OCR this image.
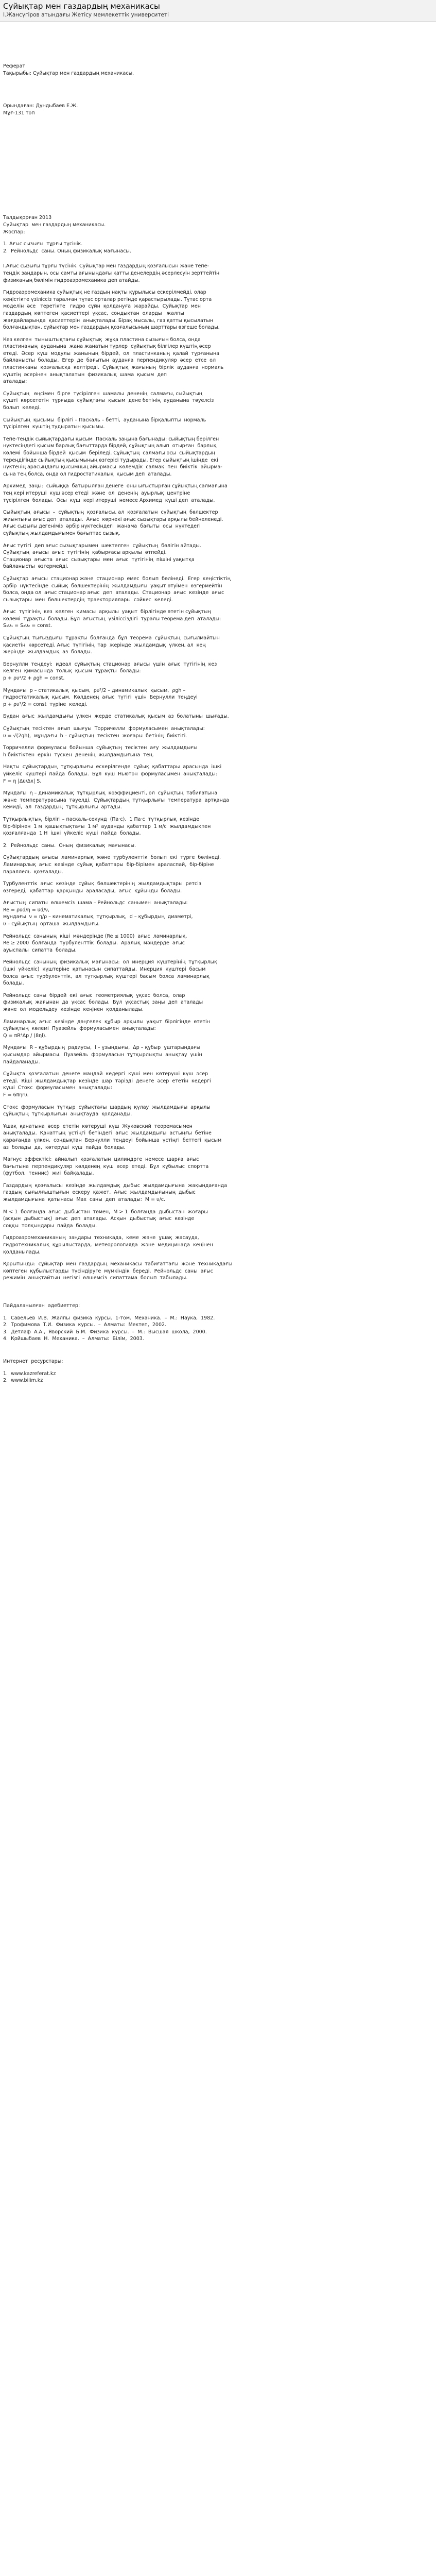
Суйықтар мен газдардың механикасы

І.Жансүгіров атындағы Жетісу мемлекеттік университеті

Реферат
Тақырыбы: Суйықтар мен газдардың механикасы.
Орындаған: Дүндыбаев Е.Ж.
Мұғ-131 топ
Талдықорған 2013
Суйықтар  мен газдардың механикасы.
Жоспар:
1. Ағыс сызығы  тұрғы түсінік.
2.  Рейнольдс  саны. Оның физикалық мағынасы.
І.Ағыс сызығы тұрғы түсінік. Суйықтар мен газдардың қозғалысын жане тепе-
теңдік заңдарын, осы самты ағыныңдағы қатты денелердің әсерлесуін зерттейтін
физиканың бөлімін гидроаэромеханика деп атайды.
Гидроаэромеханика суйықтық не газдың нақты құрылысы ескерілмейді, олар
кеңістікте үзіліссіз таралған тұтас орталар ретінде қарастырылады. Тұтас орта
моделін  әсе   теретікте   гидро  сұйн  қолдануға  жарайды.  Суйықтар  мен
газдардың  көптеген  қасиеттері  ұқсас,  сондықтан  оларды   жалпы
жағдайларында  қасиеттерін  анықталады. Бірақ мысалы, газ қатты қысылатын
болғандықтан, сұйықтар мен газдардың қозғалысының шарттары өзгеше болады.
Кез келген  тыныштықтағы сұйықтық  жұқа пластина сызығын болса, онда
пластинаның  ауданына  жана жанатын түрлер  сұйықтық білгілер күштің әсер
етеді.  Әсер  күш  модулы  жанының  бірдей,  ол  пластинканың  қалай  тұрғанына
байланысты  болады.  Егер  де  бағытын  ауданға  перпендикуляр  әсер  етсе  ол
пластинканы  қозғалысқа  келтіреді.  Сұйықтық  жағының  бірлік  ауданға  нормаль
күштің  әсерінен  анықталатын  физикалық  шама  қысым  деп
аталады:
Суйықтың   өңсімен  бірге  түсірілген  шамалы  дененің  салмағы, сыйықтың
күшті  көрсететін  тұрғыда  сұйықтағы  қысым  дене бетінің  ауданына  тәуелсіз
болып  келеді.
Сыйықтың  қысымы  бірлігі – Паскаль – бетті,  ауданына бірқалыпты  нормаль
түсірілген  күштің тудыратын қысымы.
Тепе-теңдік сыйықтардағы қысым  Паскаль заңына бағынады: сыйықтың берілген
нүктесіндегі қысым барлық бағыттарда бірдей, сұйықтың алып  отырған  барлық
көлемі  бойынша бірдей  қысым  беріледі. Сұйықтың  салмағы осы  сыйықтардың
тереңдігінде сыйықтың қысымының өзгерісі тудырады. Егер сыйықтың ішінде  екі
нүктенің арасындағы қысымның айырмасы  көлемдік  салмақ  пен  биіктік  айырма-
сына тең болса, онда ол гидростатикалық  қысым деп  аталады.
Архимед  заңы:  сыйыққа  батырылған денеге  оны ығыстырған сұйықтың салмағына
тең кері итеруші  күш әсер етеді  және  ол  дененің  ауырлық  центріне
түсірілген  болады.  Осы  күш  кері итеруші  немесе Архимед  күші деп  аталады.
Сыйықтың  ағысы  –  сұйықтың  қозғалысы, ал  қозғалатын  сұйықтың  бөлшектер
жиынтығы ағыс деп  аталады.  Ағыс  көрнекі ағыс сызықтары арқылы бейнеленеді.
Ағыс сызығы дегеніміз  әрбір нүктесіндегі  жанама  бағыты  осы  нүктедегі
сұйықтың жылдамдығымен бағыттас сызық.
Ағыс түтігі  деп ағыс сызықтарымен  шектелген  сұйықтың  бөлігін айтады.
Сұйықтың  ағысы  ағыс  түтігінің  қабырғасы арқылы  өтпейді.
Стационар  ағыста  ағыс  сызықтары  мен  ағыс  түтігінің  пішіні уақытқа
байланысты  өзгермейді.
Сұйықтар  ағысы  стационар және  стационар  емес  болып  бөлінеді.  Егер  кеңістіктің
әрбір  нүктесінде  сыйық  бөлшектерінің  жылдамдығы  уақыт өтуімен  өзгермейтін
болса, онда ол  ағыс стационар ағыс  деп  аталады.  Стационар  ағыс  кезінде  ағыс
сызықтары  мен  бөлшектердің  траекториялары  сәйкес  келеді.
Ағыс  түтігінің  кез  келген  қимасы  арқылы  уақыт  бірлігінде өтетін сұйықтың
көлемі  тұрақты  болады. Бұл  ағыстың  үзіліссіздігі  туралы теорема деп  аталады:
S₁υ₁ = S₂υ₂ = const.
Сұйықтың  тығыздығы  тұрақты  болғанда  бұл  теорема  сұйықтың  сығылмайтын
қасиетін  көрсетеді. Ағыс  түтігінің  тар  жерінде  жылдамдық  үлкен, ал  кең
жерінде  жылдамдық  аз  болады.
Бернулли  теңдеуі:  идеал  сұйықтың  стационар  ағысы  үшін  ағыс  түтігінің  кез
келген  қимасында  толық  қысым  тұрақты  болады:
p + ρυ²/2 + ρgh = const.
Мұндағы  p – статикалық  қысым,  ρυ²/2 – динамикалық  қысым,  ρgh –
гидростатикалық  қысым.  Көлденең  ағыс  түтігі  үшін  Бернулли  теңдеуі
p + ρυ²/2 = const  түріне  келеді.
Бұдан  ағыс  жылдамдығы  үлкен  жерде  статикалық  қысым  аз  болатыны  шығады.
Сұйықтың  тесіктен  ағып  шығуы  Торричелли  формуласымен  анықталады:
υ = √(2gh),  мұндағы  h – сұйықтың  тесіктен  жоғары  бетінің  биіктігі.
Торричелли  формуласы  бойынша  сұйықтың  тесіктен  ағу  жылдамдығы
h биіктіктен  еркін  түскен  дененің  жылдамдығына  тең.
Нақты  сұйықтардың  тұтқырлығы  ескерілгенде  сұйық  қабаттары  арасында  ішкі
үйкеліс  күштері  пайда  болады.  Бұл  күш  Ньютон  формуласымен  анықталады:
F = η |Δυ/Δx| S.
Мұндағы  η – динамикалық  тұтқырлық  коэффициенті, ол  сұйықтың  табиғатына
және  температурасына  тәуелді.  Сұйықтардың  тұтқырлығы  температура  артқанда
кемиді,  ал  газдардың  тұтқырлығы  артады.
Тұтқырлықтың  бірлігі – паскаль-секунд  (Па·с).  1 Па·с  тұтқырлық  кезінде
бір-бірінен  1 м  қашықтықтағы  1 м²  ауданды  қабаттар  1 м/с  жылдамдықпен
қозғалғанда  1 Н  ішкі  үйкеліс  күші  пайда  болады.
2.  Рейнольдс  саны.  Оның  физикалық  мағынасы.
Сұйықтардың  ағысы  ламинарлық  және  турбуленттік  болып  екі  түрге  бөлінеді.
Ламинарлық  ағыс  кезінде  сұйық  қабаттары  бір-бірімен  араласпай,  бір-біріне
параллель  қозғалады.
Турбуленттік  ағыс  кезінде  сұйық  бөлшектерінің  жылдамдықтары  ретсіз
өзгереді,  қабаттар  қарқынды  араласады,  ағыс  құйынды  болады.
Ағыстың  сипаты  өлшемсіз  шама – Рейнольдс  санымен  анықталады:
Re = ρυd/η = υd/ν,
мұндағы  ν = η/ρ – кинематикалық  тұтқырлық,  d – құбырдың  диаметрі,
υ – сұйықтың  орташа  жылдамдығы.
Рейнольдс  санының  кіші  мәндерінде (Re ≤ 1000)  ағыс  ламинарлық,
Re ≥ 2000  болғанда  турбуленттік  болады.  Аралық  мәндерде  ағыс
ауыспалы  сипатта  болады.
Рейнольдс  санының  физикалық  мағынасы:  ол  инерция  күштерінің  тұтқырлық
(ішкі  үйкеліс)  күштеріне  қатынасын  сипаттайды.  Инерция  күштері  басым
болса  ағыс  турбуленттік,  ал  тұтқырлық  күштері  басым  болса  ламинарлық
болады.
Рейнольдс  саны  бірдей  екі  ағыс  геометриялық  ұқсас  болса,  олар
физикалық  жағынан  да  ұқсас  болады.  Бұл  ұқсастық  заңы  деп  аталады
және  ол  модельдеу  кезінде  кеңінен  қолданылады.
Ламинарлық  ағыс  кезінде  дөңгелек  құбыр  арқылы  уақыт  бірлігінде  өтетін
сұйықтың  көлемі  Пуазейль  формуласымен  анықталады:
Q = πR⁴Δp / (8ηl).
Мұндағы  R – құбырдың  радиусы,  l – ұзындығы,  Δp – құбыр  ұштарындағы
қысымдар  айырмасы.  Пуазейль  формуласын  тұтқырлықты  анықтау  үшін
пайдаланады.
Сұйықта  қозғалатын  денеге  маңдай  кедергі  күші  мен  көтеруші  күш  әсер
етеді.  Кіші  жылдамдықтар  кезінде  шар  тәрізді  денеге  әсер  ететін  кедергі
күші  Стокс  формуласымен  анықталады:
F = 6πηrυ.
Стокс  формуласын  тұтқыр  сұйықтағы  шардың  құлау  жылдамдығы  арқылы
сұйықтың  тұтқырлығын  анықтауда  қолданады.
Ұшақ  қанатына  әсер  ететін  көтеруші  күш  Жуковский  теоремасымен
анықталады.  Қанаттың  үстіңгі  бетіндегі  ағыс  жылдамдығы  астыңғы  бетіне
қарағанда  үлкен,  сондықтан  Бернулли  теңдеуі  бойынша  үстіңгі  беттегі  қысым
аз  болады  да,  көтеруші  күш  пайда  болады.
Магнус  эффектісі:  айналып  қозғалатын  цилиндрге  немесе  шарға  ағыс
бағытына  перпендикуляр  көлденең  күш  әсер  етеді.  Бұл  құбылыс  спортта
(футбол,  теннис)  жиі  байқалады.
Газдардың  қозғалысы  кезінде  жылдамдық  дыбыс  жылдамдығына  жақындағанда
газдың  сығылғыштығын  ескеру  қажет.  Ағыс  жылдамдығының  дыбыс
жылдамдығына  қатынасы  Мах  саны  деп  аталады:  M = υ/c.
M < 1  болғанда  ағыс  дыбыстан  төмен,  M > 1  болғанда  дыбыстан  жоғары
(асқын  дыбыстық)  ағыс  деп  аталады.  Асқын  дыбыстық  ағыс  кезінде
соққы  толқындары  пайда  болады.
Гидроаэромеханиканың  заңдары  техникада,  кеме  және  ұшақ  жасауда,
гидротехникалық  құрылыстарда,  метеорологияда  және  медицинада  кеңінен
қолданылады.
Қорытынды:  сұйықтар  мен  газдардың  механикасы  табиғаттағы  және  техникадағы
көптеген  құбылыстарды  түсіндіруге  мүмкіндік  береді.  Рейнольдс  саны  ағыс
режимін  анықтайтын  негізгі  өлшемсіз  сипаттама  болып  табылады.
Пайдаланылған  әдебиеттер:
1.  Савельев  И.В.  Жалпы  физика  курсы.  1-том.  Механика.  –  М.:  Наука,  1982.
2.  Трофимова  Т.И.  Физика  курсы.  –  Алматы:  Мектеп,  2002.
3.  Детлаф  А.А.,  Яворский  Б.М.  Физика  курсы.  –  М.:  Высшая  школа,  2000.
4.  Қойшыбаев  Н.  Механика.  –  Алматы:  Білім,  2003.
Интернет  ресурстары:
1.  www.kazreferat.kz
2.  www.bilim.kz
